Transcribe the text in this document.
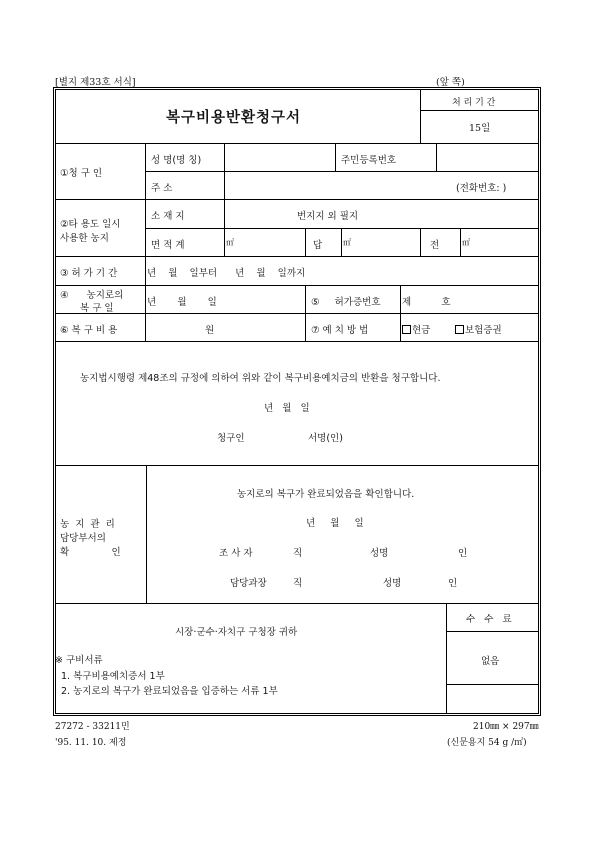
[별지 제33호 서식]	(앞 쪽)
복구비용반환청구서
처 리 기 간
15일
①청 구 인
성 명(명 칭)	주민등록번호
주 소	(전화번호: )
②타 용도 일시
사용한 농지
소 재 지	번지지 외 필지
면 적 계	㎡	답	㎡	전	㎡
③ 허 가 기 간	년    월    일부터      년    월    일까지
④      농지로의
복 구 일
년       월       일	⑤     허가증번호 제          호
⑥ 복 구 비 용	원	⑦ 예 치 방 법	현금	보험증권
농지법시행령 제48조의 규정에 의하여 위와 같이 복구비용예치금의 반환을 청구합니다.
년   월   일
청구인	서명(인)
농  지  관  리
담당부서의
확              인
농지로의 복구가 완료되었음을 확인합니다.
년     월     일
조 사 자	직	성명	인
담당과장	직	성명	인
시장·군수·자치구 구청장 귀하
※ 구비서류
1. 복구비용예치증서 1부
2. 농지로의 복구가 완료되었음을 입증하는 서류 1부
수   수   료
없음
27272 - 33211민
'95. 11. 10. 제정
210㎜ × 297㎜
(신문용지 54 g /㎡)
